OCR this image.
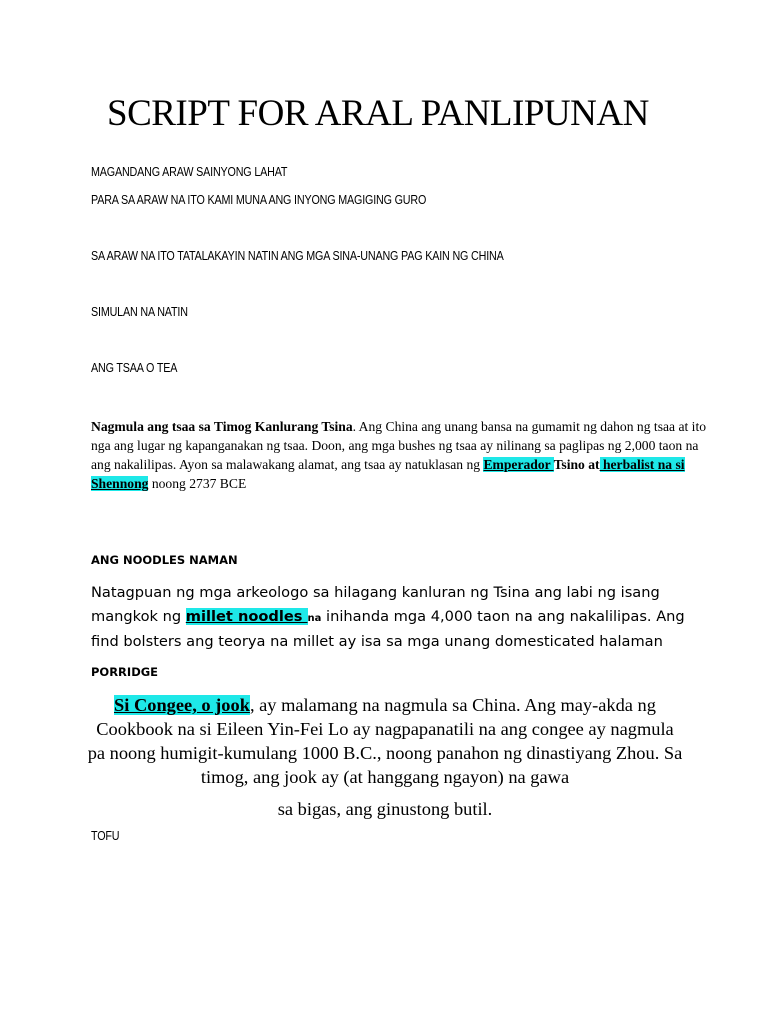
SCRIPT FOR ARAL PANLIPUNAN
MAGANDANG ARAW SAINYONG LAHAT
PARA SA ARAW NA ITO KAMI MUNA ANG INYONG MAGIGING GURO
SA ARAW NA ITO TATALAKAYIN NATIN ANG MGA SINA-UNANG PAG KAIN NG CHINA
SIMULAN NA NATIN
ANG TSAA O TEA
Nagmula ang tsaa sa Timog Kanlurang Tsina. Ang China ang unang bansa na gumamit ng dahon ng tsaa at ito nga ang lugar ng kapanganakan ng tsaa. Doon, ang mga bushes ng tsaa ay nilinang sa paglipas ng 2,000 taon na ang nakalilipas. Ayon sa malawakang alamat, ang tsaa ay natuklasan ng Emperador Tsino at herbalist na si Shennong noong 2737 BCE
ANG NOODLES NAMAN
Natagpuan ng mga arkeologo sa hilagang kanluran ng Tsina ang labi ng isang mangkok ng millet noodles na inihanda mga 4,000 taon na ang nakalilipas. Ang find bolsters ang teorya na millet ay isa sa mga unang domesticated halaman
PORRIDGE
Si Congee, o jook, ay malamang na nagmula sa China. Ang may-akda ng Cookbook na si Eileen Yin-Fei Lo ay nagpapanatili na ang congee ay nagmula pa noong humigit-kumulang 1000 B.C., noong panahon ng dinastiyang Zhou. Sa timog, ang jook ay (at hanggang ngayon) na gawa
sa bigas, ang ginustong butil.
TOFU
